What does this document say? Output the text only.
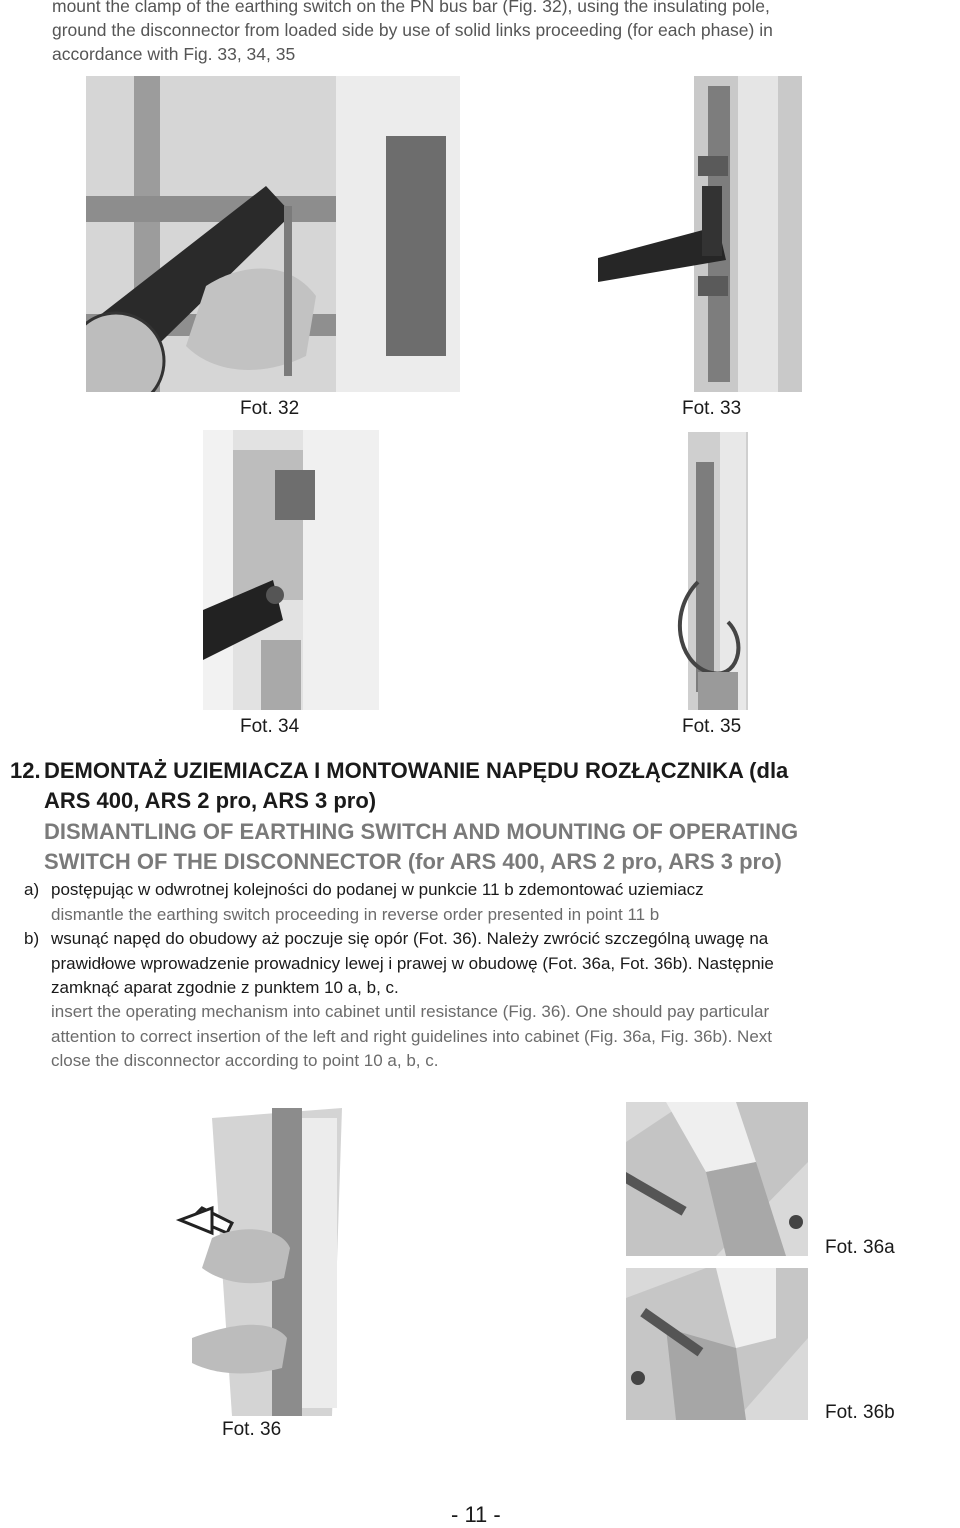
mount the clamp of the earthing switch on the PN bus bar (Fig. 32), using the insulating pole,
ground the disconnector from loaded side by use of solid links proceeding (for each phase) in
accordance with Fig. 33, 34, 35
Fot. 32	Fot. 33
Fot. 34	Fot. 35
12. DEMONTAŻ UZIEMIACZA I MONTOWANIE NAPĘDU ROZŁĄCZNIKA (dla
ARS 400, ARS 2 pro, ARS 3 pro)
DISMANTLING OF EARTHING SWITCH AND MOUNTING OF OPERATING
SWITCH OF THE DISCONNECTOR (for ARS 400, ARS 2 pro, ARS 3 pro)
a) postępując w odwrotnej kolejności do podanej w punkcie 11 b zdemontować uziemiacz
dismantle the earthing switch proceeding in reverse order presented in point 11 b
b) wsunąć napęd do obudowy aż poczuje się opór (Fot. 36). Należy zwrócić szczególną uwagę na
prawidłowe wprowadzenie prowadnicy lewej i prawej w obudowę (Fot. 36a, Fot. 36b). Następnie
zamknąć aparat zgodnie z punktem 10 a, b, c.
insert the operating mechanism into cabinet until resistance (Fig. 36). One should pay particular
attention to correct insertion of the left and right guidelines into cabinet (Fig. 36a, Fig. 36b). Next
close the disconnector according to point 10 a, b, c.
Fot. 36
Fot. 36a
Fot. 36b
- 11 -
